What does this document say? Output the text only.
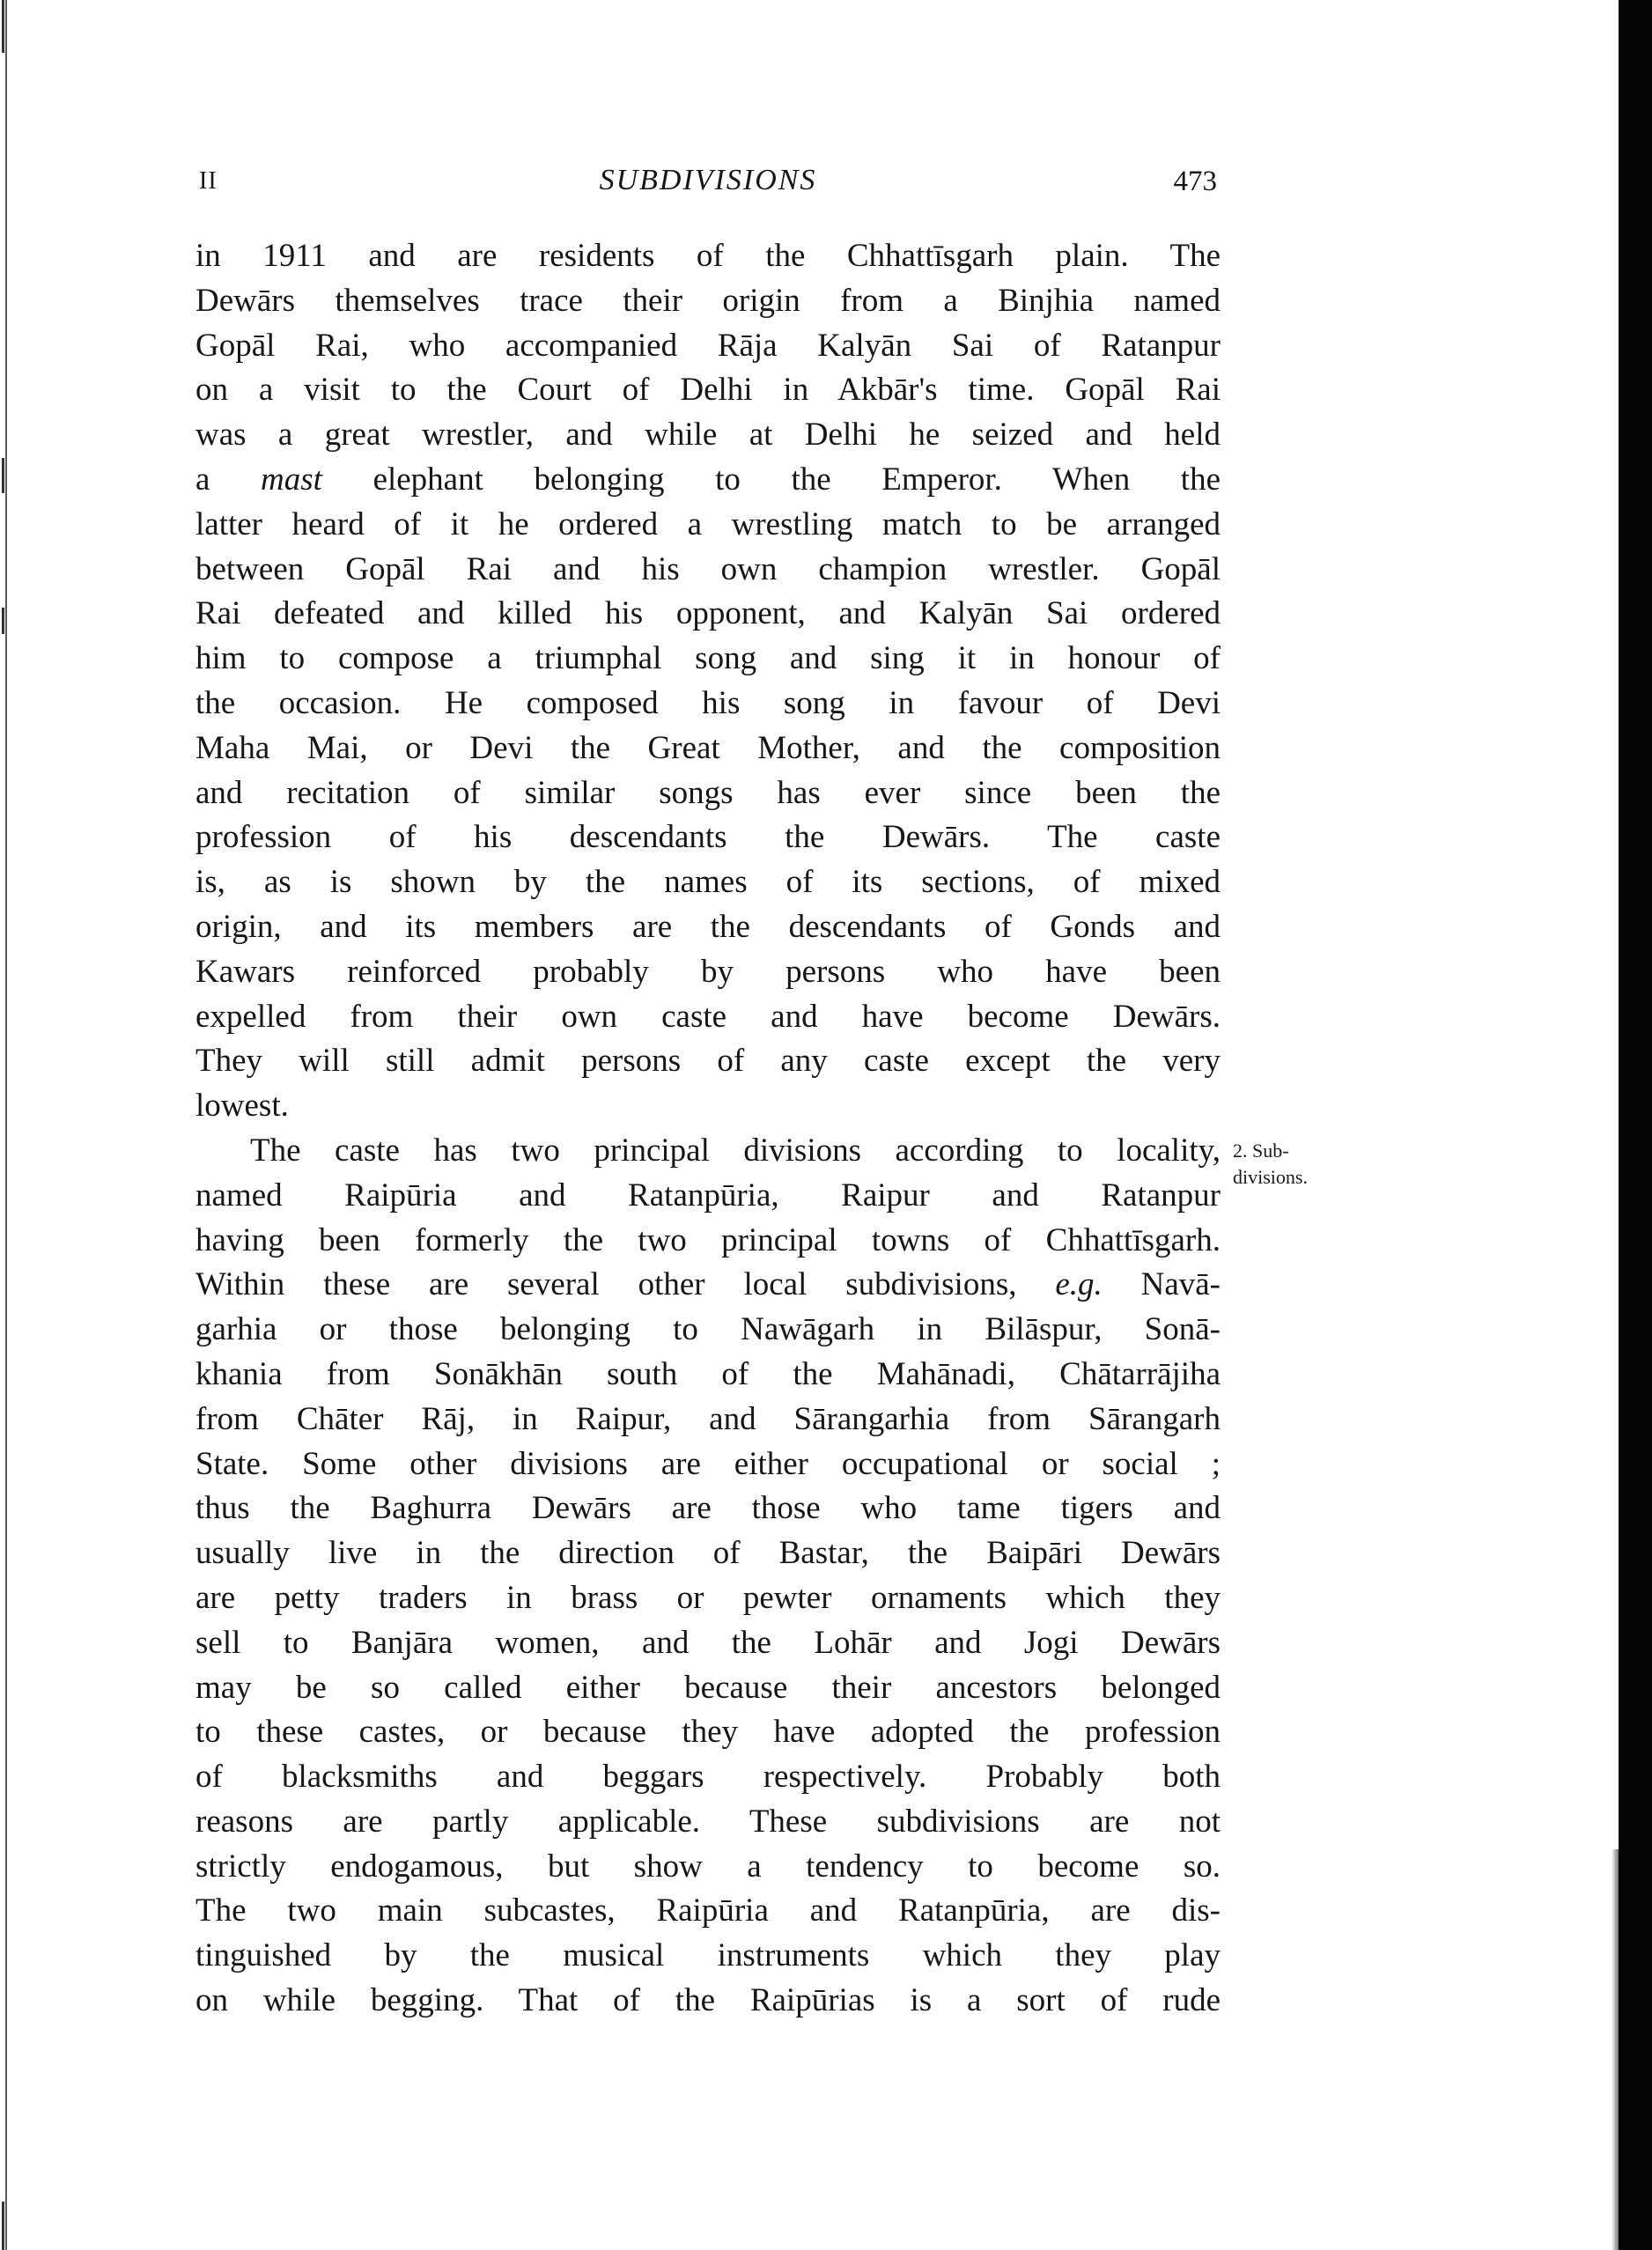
II	SUBDIVISIONS	473
in 1911 and are residents of the Chhattīsgarh plain. The
Dewārs themselves trace their origin from a Binjhia named
Gopāl Rai, who accompanied Rāja Kalyān Sai of Ratanpur
on a visit to the Court of Delhi in Akbār's time. Gopāl Rai
was a great wrestler, and while at Delhi he seized and held
a mast elephant belonging to the Emperor. When the
latter heard of it he ordered a wrestling match to be arranged
between Gopāl Rai and his own champion wrestler. Gopāl
Rai defeated and killed his opponent, and Kalyān Sai ordered
him to compose a triumphal song and sing it in honour of
the occasion. He composed his song in favour of Devi
Maha Mai, or Devi the Great Mother, and the composition
and recitation of similar songs has ever since been the
profession of his descendants the Dewārs. The caste
is, as is shown by the names of its sections, of mixed
origin, and its members are the descendants of Gonds and
Kawars reinforced probably by persons who have been
expelled from their own caste and have become Dewārs.
They will still admit persons of any caste except the very
lowest.
The caste has two principal divisions according to locality,
named Raipūria and Ratanpūria, Raipur and Ratanpur
having been formerly the two principal towns of Chhattīsgarh.
Within these are several other local subdivisions, e.g. Navā-
garhia or those belonging to Nawāgarh in Bilāspur, Sonā-
khania from Sonākhān south of the Mahānadi, Chātarrājiha
from Chāter Rāj, in Raipur, and Sārangarhia from Sārangarh
State. Some other divisions are either occupational or social ;
thus the Baghurra Dewārs are those who tame tigers and
usually live in the direction of Bastar, the Baipāri Dewārs
are petty traders in brass or pewter ornaments which they
sell to Banjāra women, and the Lohār and Jogi Dewārs
may be so called either because their ancestors belonged
to these castes, or because they have adopted the profession
of blacksmiths and beggars respectively. Probably both
reasons are partly applicable. These subdivisions are not
strictly endogamous, but show a tendency to become so.
The two main subcastes, Raipūria and Ratanpūria, are dis-
tinguished by the musical instruments which they play
on while begging. That of the Raipūrias is a sort of rude
2. Sub-
divisions.
